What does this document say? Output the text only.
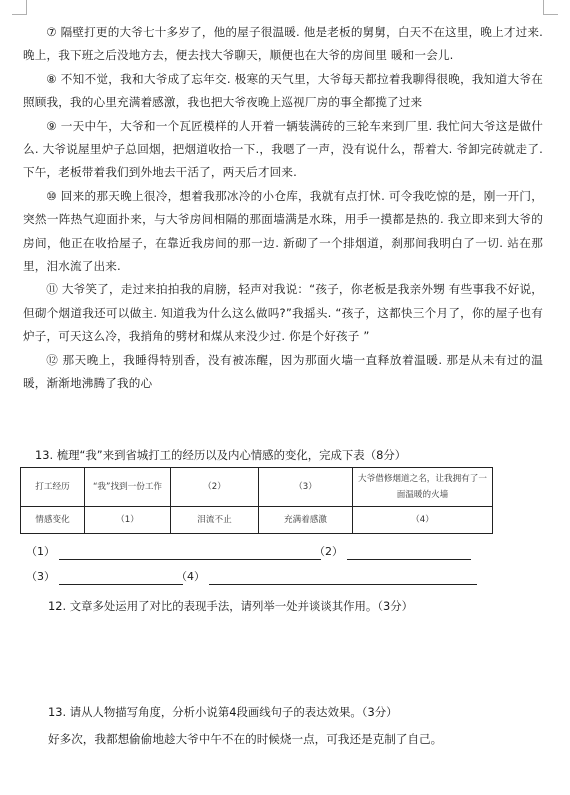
⑦ 隔壁打更的大爷七十多岁了，他的屋子很温暖. 他是老板的舅舅，白天不在这里，晚上才过来. 晚上，我下班之后没地方去，便去找大爷聊天，顺便也在大爷的房间里 暖和一会儿.

⑧ 不知不觉，我和大爷成了忘年交. 极寒的天气里，大爷每天都拉着我聊得很晚，我知道大爷在照顾我，我的心里充满着感激，我也把大爷夜晚上巡视厂房的事全都揽了过来

⑨ 一天中午，大爷和一个瓦匠模样的人开着一辆装满砖的三轮车来到厂里. 我忙问大爷这是做什么. 大爷说屋里炉子总回烟，把烟道收拾一下.，我嗯了一声，没有说什么，帮着大. 爷卸完砖就走了. 下午，老板带着我们到外地去干活了，两天后才回来.

⑩ 回来的那天晚上很冷，想着我那冰冷的小仓库，我就有点打怵. 可令我吃惊的是，刚一开门，突然一阵热气迎面扑来，与大爷房间相隔的那面墙满是水珠，用手一摸都是热的. 我立即来到大爷的房间，他正在收拾屋子，在靠近我房间的那一边. 新砌了一个排烟道，刹那间我明白了一切. 站在那里，泪水流了出来.

⑪ 大爷笑了，走过来拍拍我的肩膀，轻声对我说：“孩子，你老板是我亲外甥 有些事我不好说，但砌个烟道我还可以做主. 知道我为什么这么做吗?”我摇头. “孩子，这都快三个月了，你的屋子也有炉子，可天这么冷，我捎角的劈材和煤从来没少过. 你是个好孩子 ”

⑫ 那天晚上，我睡得特别香，没有被冻醒，因为那面火墙一直释放着温暖. 那是从未有过的温暖，渐渐地沸腾了我的心

13. 梳理“我”来到省城打工的经历以及内心情感的变化，完成下表（8分）
打工经历	“我”找到一份工作	（2）	（3）	大爷借修烟道之名，让我拥有了一面温暖的火墙
情感变化	（1）	泪流不止	充满着感激	（4）
（1）	（2）
（3）	（4）
12. 文章多处运用了对比的表现手法，请列举一处并谈谈其作用。（3分）
13. 请从人物描写角度，分析小说第4段画线句子的表达效果。（3分）
好多次，我都想偷偷地趁大爷中午不在的时候烧一点，可我还是克制了自己。
